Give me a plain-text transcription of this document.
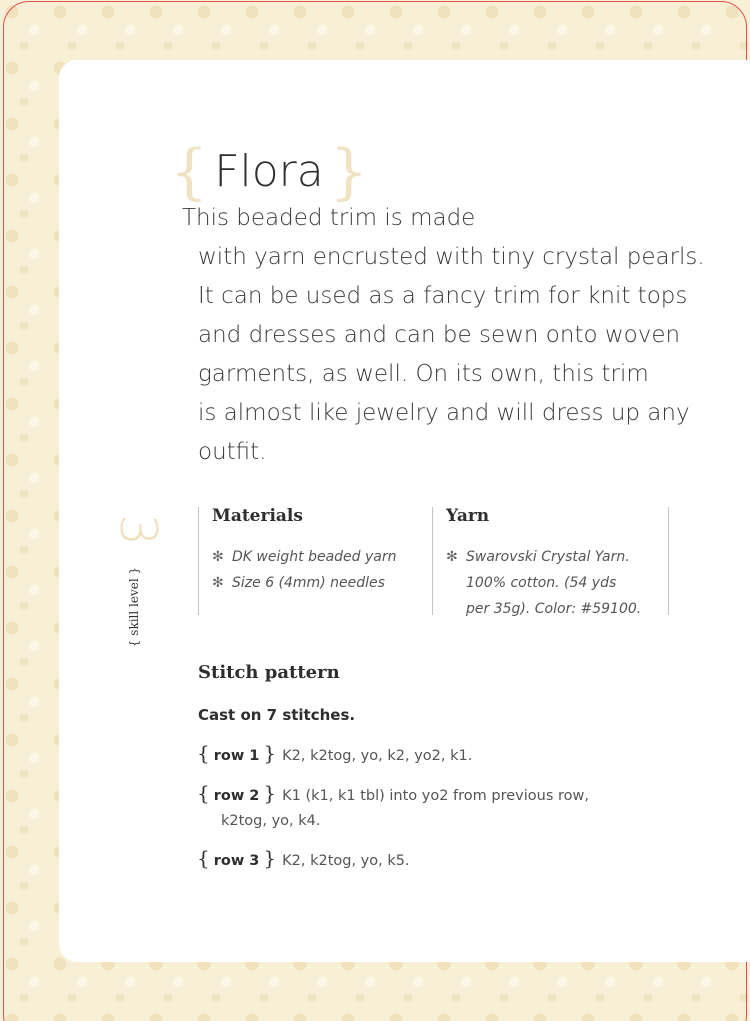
{ Flora } This beaded trim is made
with yarn encrusted with tiny crystal pearls.
It can be used as a fancy trim for knit tops
and dresses and can be sewn onto woven
garments, as well. On its own, this trim
is almost like jewelry and will dress up any
outfit.
3
{ skill level }
Materials
✻ DK weight beaded yarn
✻ Size 6 (4mm) needles
Yarn
✻ Swarovski Crystal Yarn.
100% cotton. (54 yds
per 35g). Color: #59100.
Stitch pattern
Cast on 7 stitches.
{ row 1 } K2, k2tog, yo, k2, yo2, k1.
{ row 2 } K1 (k1, k1 tbl) into yo2 from previous row,
k2tog, yo, k4.
{ row 3 } K2, k2tog, yo, k5.
